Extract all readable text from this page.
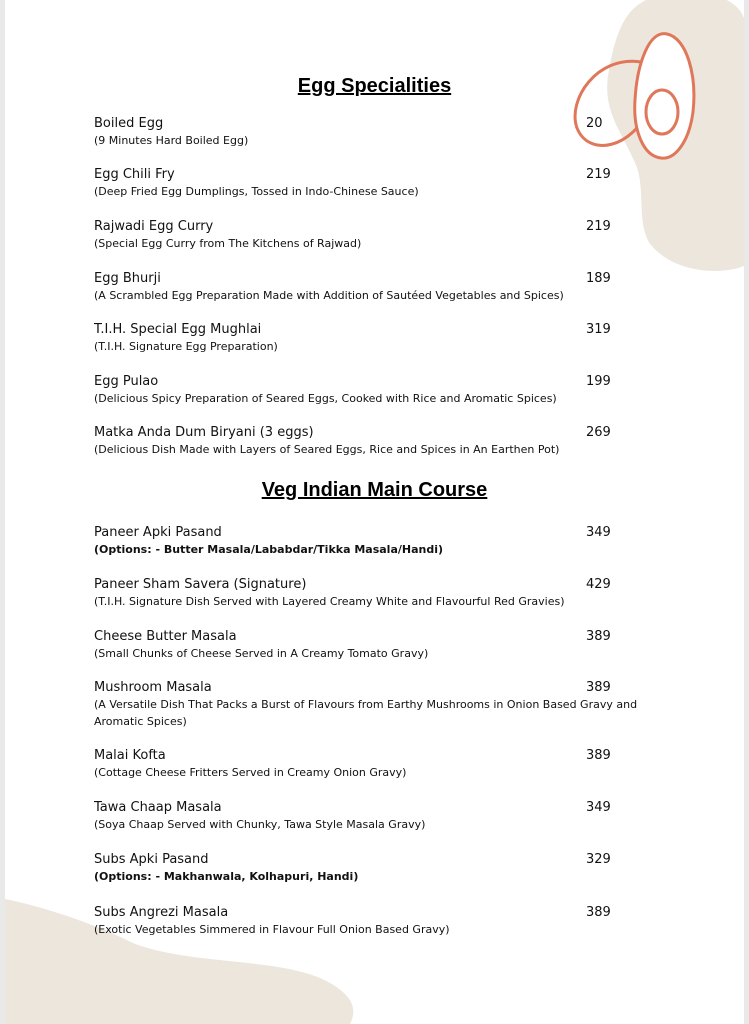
Egg Specialities
Boiled Egg
(9 Minutes Hard Boiled Egg)
20
Egg Chili Fry
(Deep Fried Egg Dumplings, Tossed in Indo-Chinese Sauce)
219
Rajwadi Egg Curry
(Special Egg Curry from The Kitchens of Rajwad)
219
Egg Bhurji
(A Scrambled Egg Preparation Made with Addition of Sautéed Vegetables and Spices)
189
T.I.H. Special Egg Mughlai
(T.I.H. Signature Egg Preparation)
319
Egg Pulao
(Delicious Spicy Preparation of Seared Eggs, Cooked with Rice and Aromatic Spices)
199
Matka Anda Dum Biryani (3 eggs)
(Delicious Dish Made with Layers of Seared Eggs, Rice and Spices in An Earthen Pot)
269
Veg Indian Main Course
Paneer Apki Pasand
(Options: - Butter Masala/Lababdar/Tikka Masala/Handi)
349
Paneer Sham Savera (Signature)
(T.I.H. Signature Dish Served with Layered Creamy White and Flavourful Red Gravies)
429
Cheese Butter Masala
(Small Chunks of Cheese Served in A Creamy Tomato Gravy)
389
Mushroom Masala
(A Versatile Dish That Packs a Burst of Flavours from Earthy Mushrooms in Onion Based Gravy and Aromatic Spices)
389
Malai Kofta
(Cottage Cheese Fritters Served in Creamy Onion Gravy)
389
Tawa Chaap Masala
(Soya Chaap Served with Chunky, Tawa Style Masala Gravy)
349
Subs Apki Pasand
(Options: - Makhanwala, Kolhapuri, Handi)
329
Subs Angrezi Masala
(Exotic Vegetables Simmered in Flavour Full Onion Based Gravy)
389
